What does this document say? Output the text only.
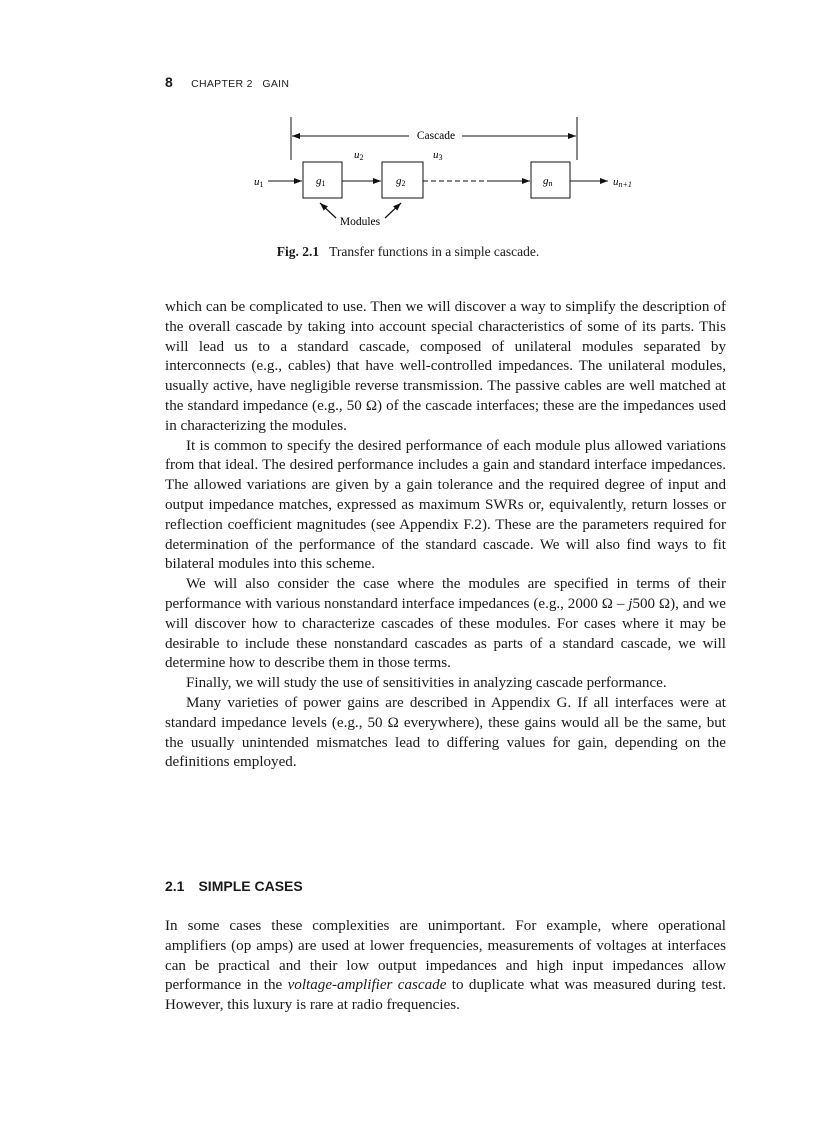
8 CHAPTER 2   GAIN
Cascade
u1	g1
u2
g2
u3
gn	un+1
Modules
Fig. 2.1 Transfer functions in a simple cascade.

which can be complicated to use. Then we will discover a way to simplify the description of the overall cascade by taking into account special characteristics of some of its parts. This will lead us to a standard cascade, composed of unilateral modules separated by interconnects (e.g., cables) that have well-controlled impedances. The unilateral modules, usually active, have negligible reverse transmission. The passive cables are well matched at the standard impedance (e.g., 50 Ω) of the cascade interfaces; these are the impedances used in characterizing the modules.

It is common to specify the desired performance of each module plus allowed variations from that ideal. The desired performance includes a gain and standard interface impedances. The allowed variations are given by a gain tolerance and the required degree of input and output impedance matches, expressed as maximum SWRs or, equivalently, return losses or reflection coefficient magnitudes (see Appendix F.2). These are the parameters required for determination of the performance of the standard cascade. We will also find ways to fit bilateral modules into this scheme.

We will also consider the case where the modules are specified in terms of their performance with various nonstandard interface impedances (e.g., 2000 Ω – j500 Ω), and we will discover how to characterize cascades of these modules. For cases where it may be desirable to include these nonstandard cascades as parts of a standard cascade, we will determine how to describe them in those terms.

Finally, we will study the use of sensitivities in analyzing cascade performance.

Many varieties of power gains are described in Appendix G. If all interfaces were at standard impedance levels (e.g., 50 Ω everywhere), these gains would all be the same, but the usually unintended mismatches lead to differing values for gain, depending on the definitions employed.

2.1 SIMPLE CASES

In some cases these complexities are unimportant. For example, where operational amplifiers (op amps) are used at lower frequencies, measurements of voltages at interfaces can be practical and their low output impedances and high input impedances allow performance in the voltage-amplifier cascade to duplicate what was measured during test. However, this luxury is rare at radio frequencies.
